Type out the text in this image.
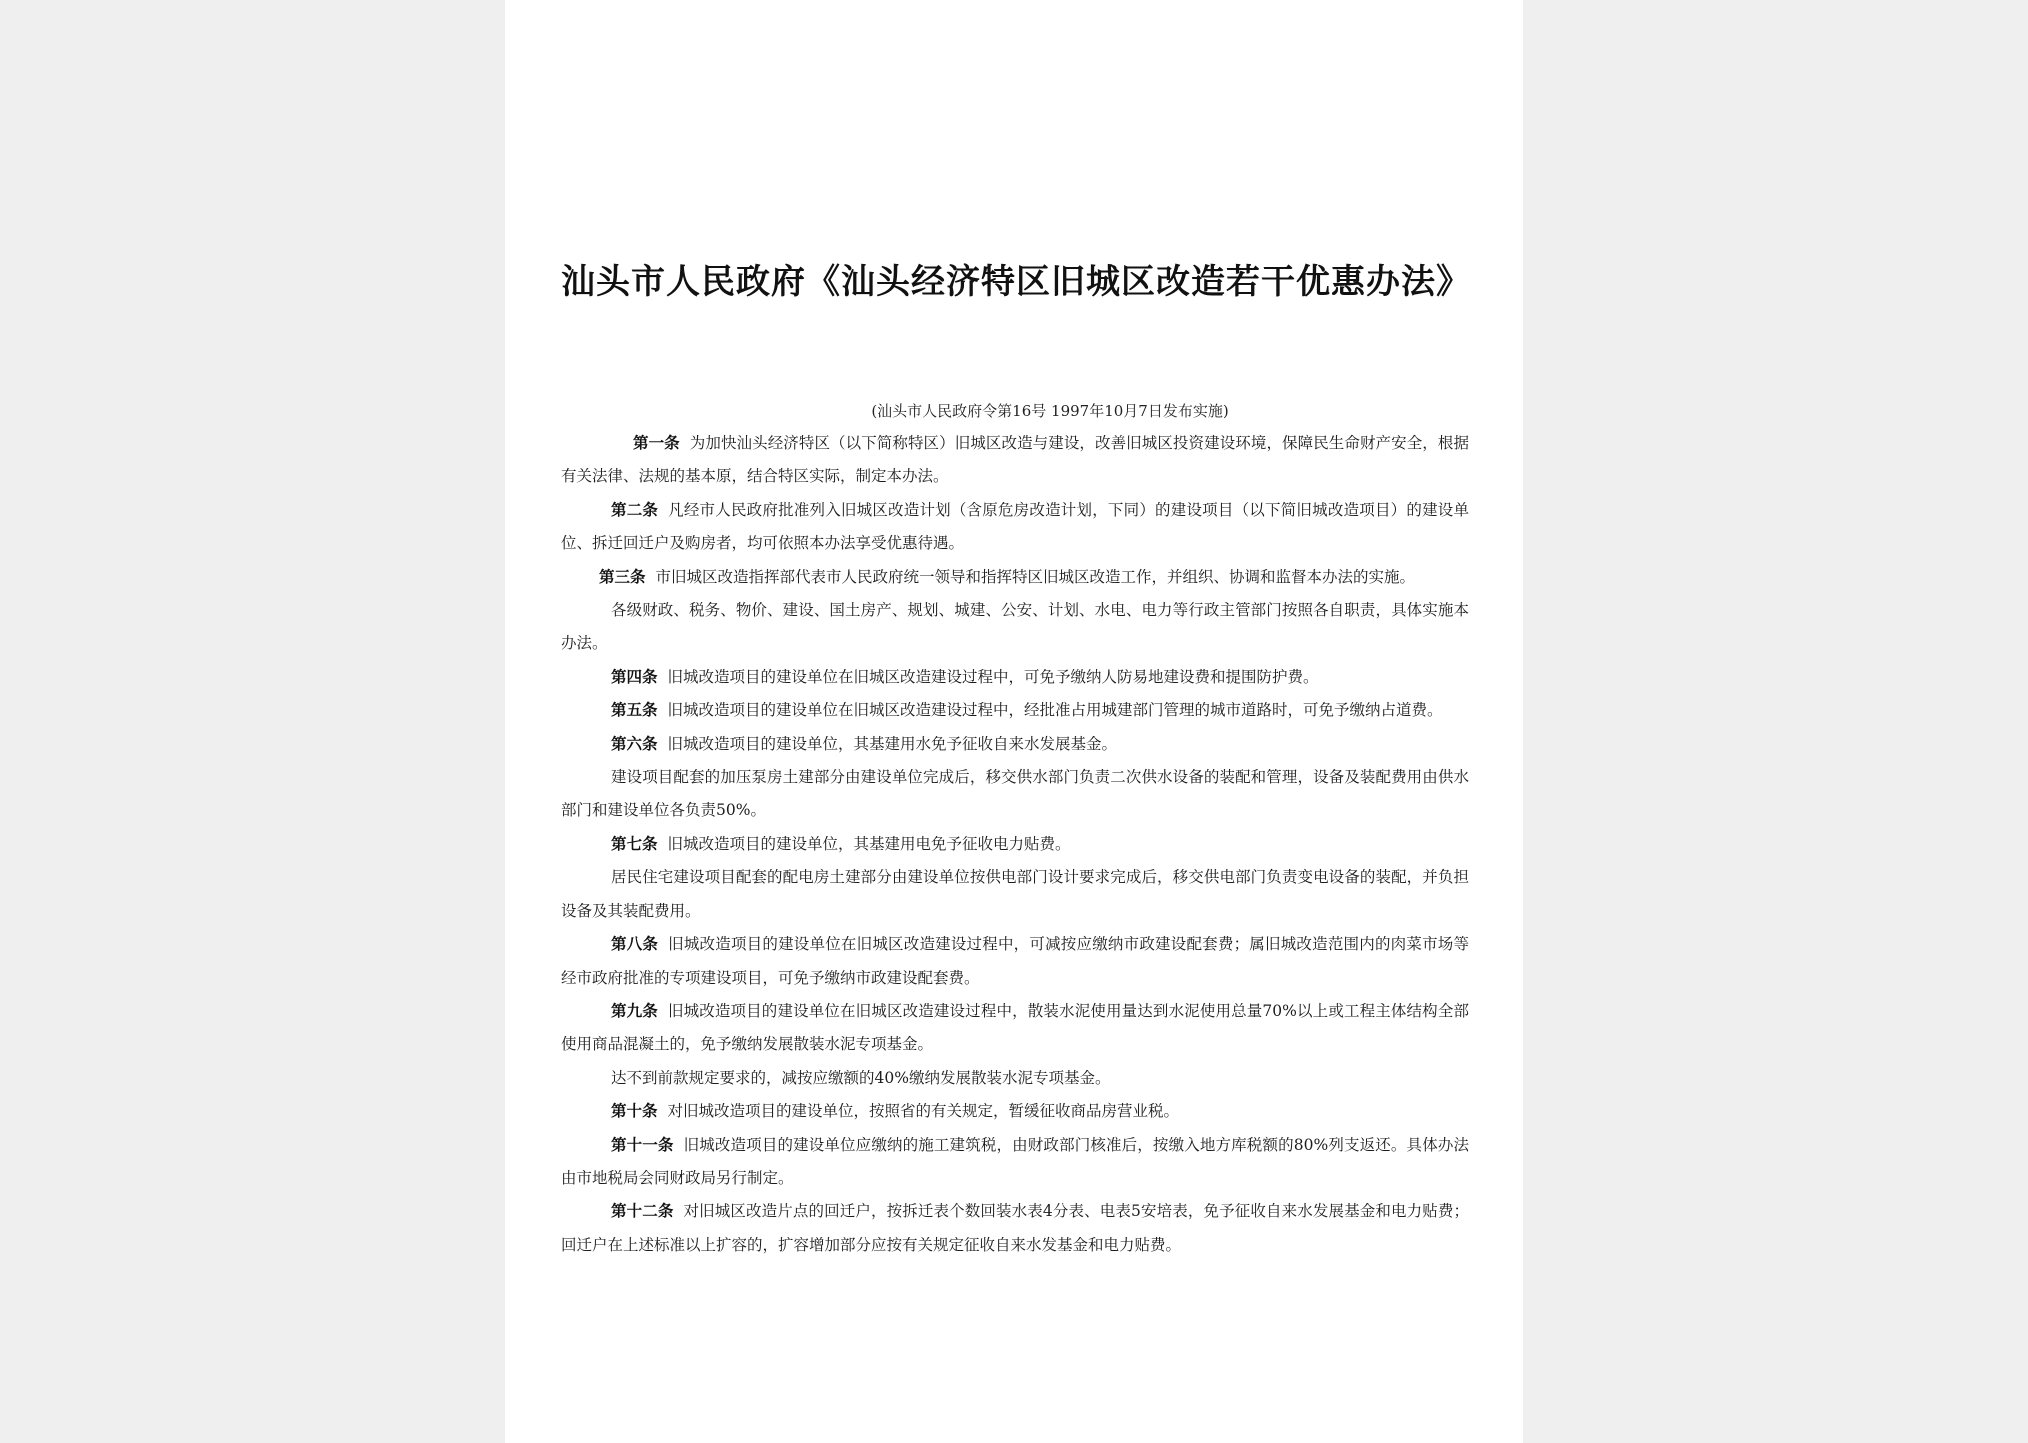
汕头市人民政府《汕头经济特区旧城区改造若干优惠办法》
(汕头市人民政府令第16号 1997年10月7日发布实施)

第一条 为加快汕头经济特区（以下简称特区）旧城区改造与建设，改善旧城区投资建设环境，保障民生命财产安全，根据有关法律、法规的基本原，结合特区实际，制定本办法。

第二条 凡经市人民政府批准列入旧城区改造计划（含原危房改造计划，下同）的建设项目（以下简旧城改造项目）的建设单位、拆迁回迁户及购房者，均可依照本办法享受优惠待遇。

第三条 市旧城区改造指挥部代表市人民政府统一领导和指挥特区旧城区改造工作，并组织、协调和监督本办法的实施。

各级财政、税务、物价、建设、国土房产、规划、城建、公安、计划、水电、电力等行政主管部门按照各自职责，具体实施本办法。

第四条 旧城改造项目的建设单位在旧城区改造建设过程中，可免予缴纳人防易地建设费和提围防护费。

第五条 旧城改造项目的建设单位在旧城区改造建设过程中，经批准占用城建部门管理的城市道路时，可免予缴纳占道费。

第六条 旧城改造项目的建设单位，其基建用水免予征收自来水发展基金。

建设项目配套的加压泵房土建部分由建设单位完成后，移交供水部门负责二次供水设备的装配和管理，设备及装配费用由供水部门和建设单位各负责50%。

第七条 旧城改造项目的建设单位，其基建用电免予征收电力贴费。

居民住宅建设项目配套的配电房土建部分由建设单位按供电部门设计要求完成后，移交供电部门负责变电设备的装配，并负担设备及其装配费用。

第八条 旧城改造项目的建设单位在旧城区改造建设过程中，可减按应缴纳市政建设配套费；属旧城改造范围内的肉菜市场等经市政府批准的专项建设项目，可免予缴纳市政建设配套费。

第九条 旧城改造项目的建设单位在旧城区改造建设过程中，散装水泥使用量达到水泥使用总量70%以上或工程主体结构全部使用商品混凝土的，免予缴纳发展散装水泥专项基金。

达不到前款规定要求的，减按应缴额的40%缴纳发展散装水泥专项基金。

第十条 对旧城改造项目的建设单位，按照省的有关规定，暂缓征收商品房营业税。

第十一条 旧城改造项目的建设单位应缴纳的施工建筑税，由财政部门核准后，按缴入地方库税额的80%列支返还。具体办法由市地税局会同财政局另行制定。

第十二条 对旧城区改造片点的回迁户，按拆迁表个数回装水表4分表、电表5安培表，免予征收自来水发展基金和电力贴费；回迁户在上述标准以上扩容的，扩容增加部分应按有关规定征收自来水发基金和电力贴费。
